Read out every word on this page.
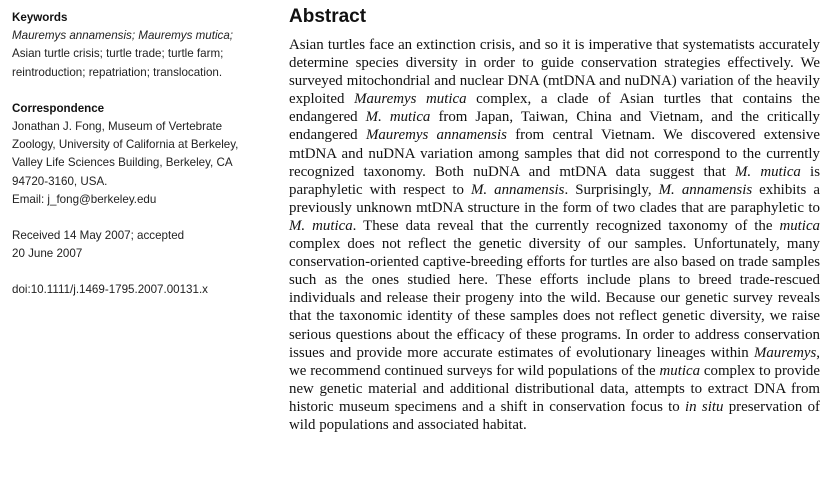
Keywords
Mauremys annamensis; Mauremys mutica;
Asian turtle crisis; turtle trade; turtle farm;
reintroduction; repatriation; translocation.
Correspondence
Jonathan J. Fong, Museum of Vertebrate
Zoology, University of California at Berkeley,
Valley Life Sciences Building, Berkeley, CA
94720-3160, USA.
Email: j_fong@berkeley.edu
Received 14 May 2007; accepted
20 June 2007
doi:10.1111/j.1469-1795.2007.00131.x
Abstract

Asian turtles face an extinction crisis, and so it is imperative that systematists accurately determine species diversity in order to guide conservation strategies effectively. We surveyed mitochondrial and nuclear DNA (mtDNA and nuDNA) variation of the heavily exploited Mauremys mutica complex, a clade of Asian turtles that contains the endangered M. mutica from Japan, Taiwan, China and Vietnam, and the critically endangered Mauremys annamensis from central Vietnam. We discovered extensive mtDNA and nuDNA variation among samples that did not correspond to the currently recognized taxonomy. Both nuDNA and mtDNA data suggest that M. mutica is paraphyletic with respect to M. annamensis. Surprisingly, M. annamensis exhibits a previously unknown mtDNA structure in the form of two clades that are paraphyletic to M. mutica. These data reveal that the currently recognized taxonomy of the mutica complex does not reflect the genetic diversity of our samples. Unfortunately, many conservation-oriented captive-breeding efforts for turtles are also based on trade samples such as the ones studied here. These efforts include plans to breed trade-rescued individuals and release their progeny into the wild. Because our genetic survey reveals that the taxonomic identity of these samples does not reflect genetic diversity, we raise serious questions about the efficacy of these programs. In order to address conservation issues and provide more accurate estimates of evolutionary lineages within Mauremys, we recommend continued surveys for wild populations of the mutica complex to provide new genetic material and additional distributional data, attempts to extract DNA from historic museum specimens and a shift in conservation focus to in situ preservation of wild populations and associated habitat.
